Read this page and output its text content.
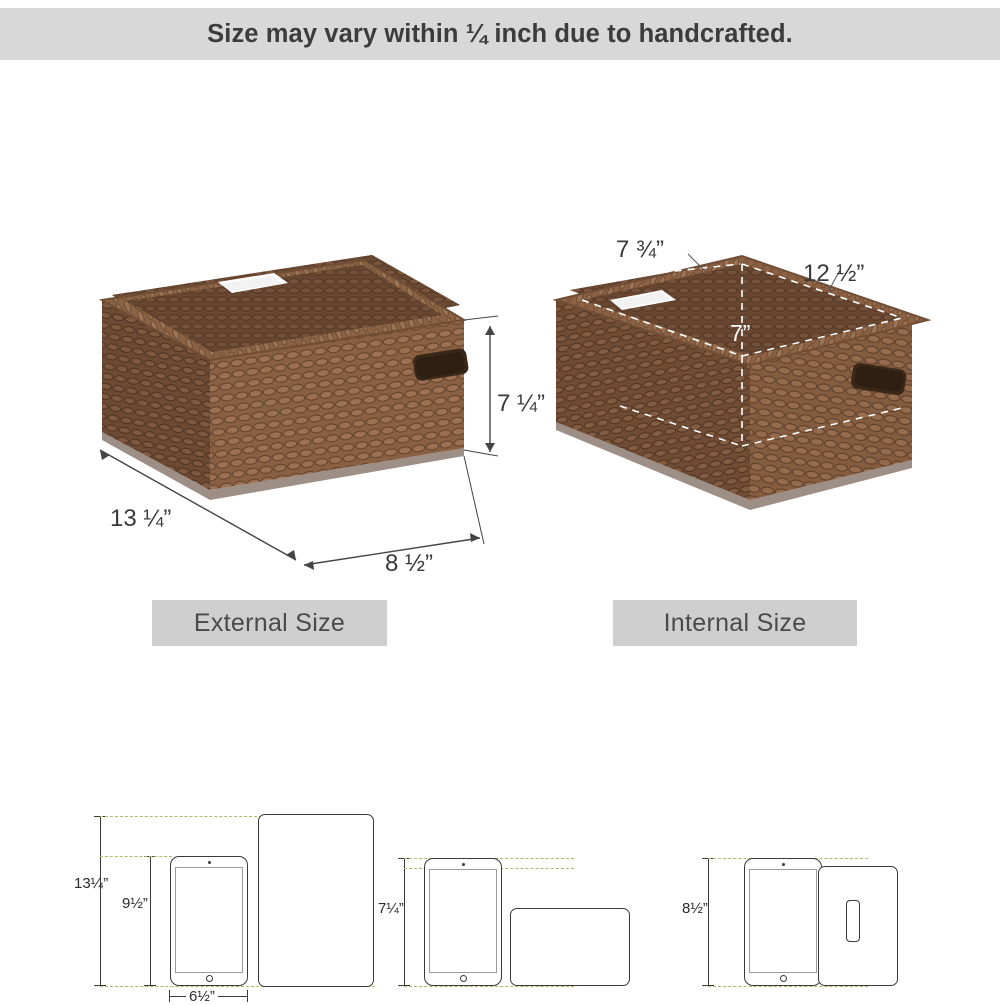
Size may vary within ¼ inch due to handcrafted.
7 ¼”
13 ¼”
8 ½”
7 ¾”
12 ½”
7”
External Size	Internal Size
13¼”
9½”
6½”
7¼”	8½”
